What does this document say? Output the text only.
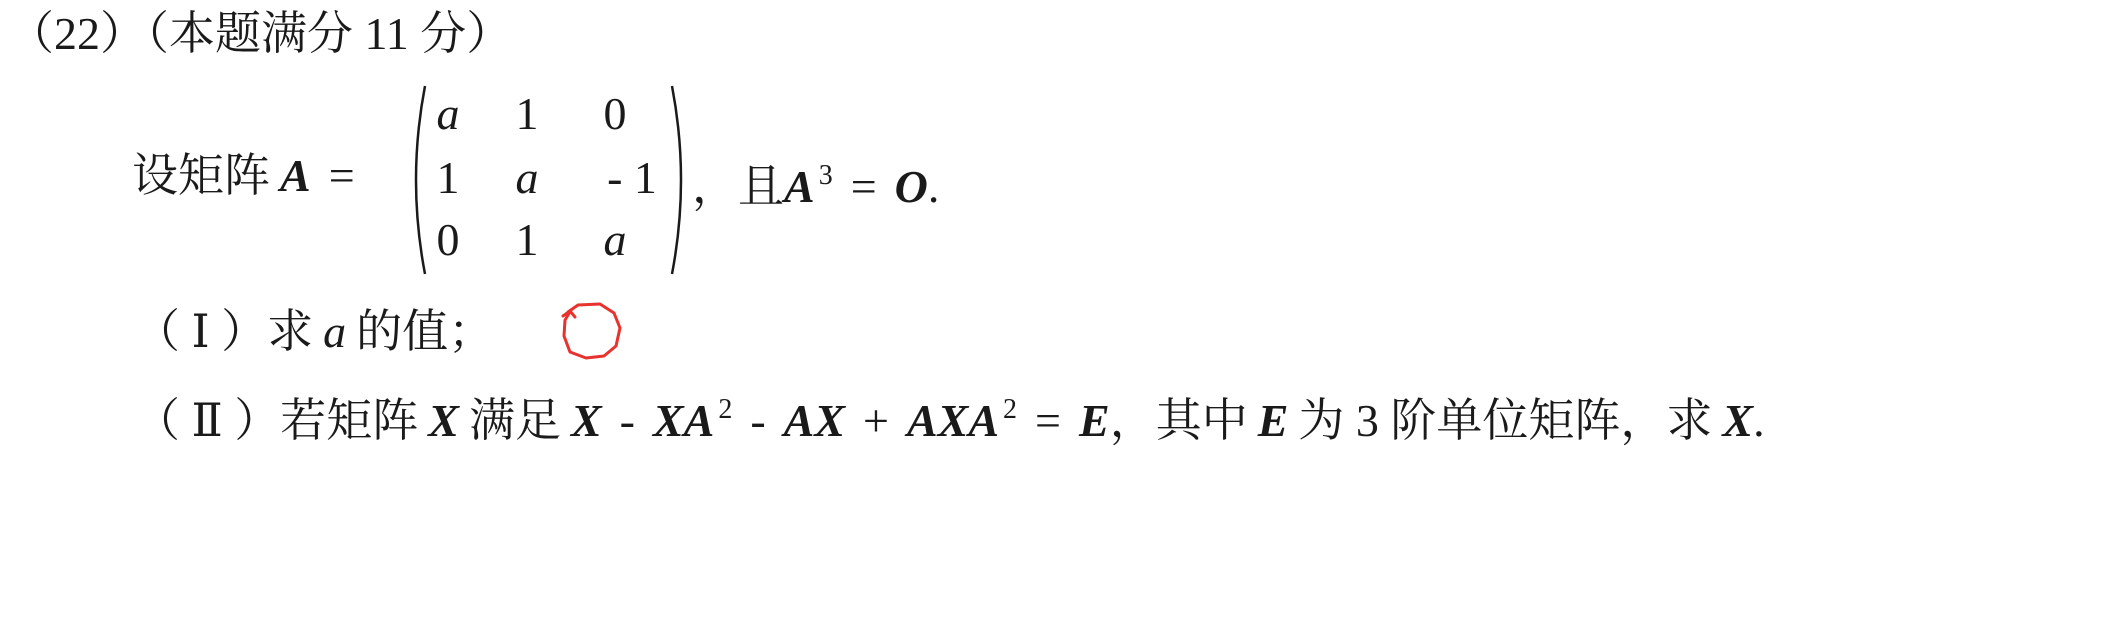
（22）（本题满分 11 分）
设矩阵 A =
a	1	0
1	a	- 1
0	1	a
，且A $^3$ = O.
（ Ⅰ ）求 a 的值；
（ Ⅱ ）若矩阵 X 满足 X - XA $^2$ - AX + AXA $^2$ = E，其中 E 为 3 阶单位矩阵，求 X.
